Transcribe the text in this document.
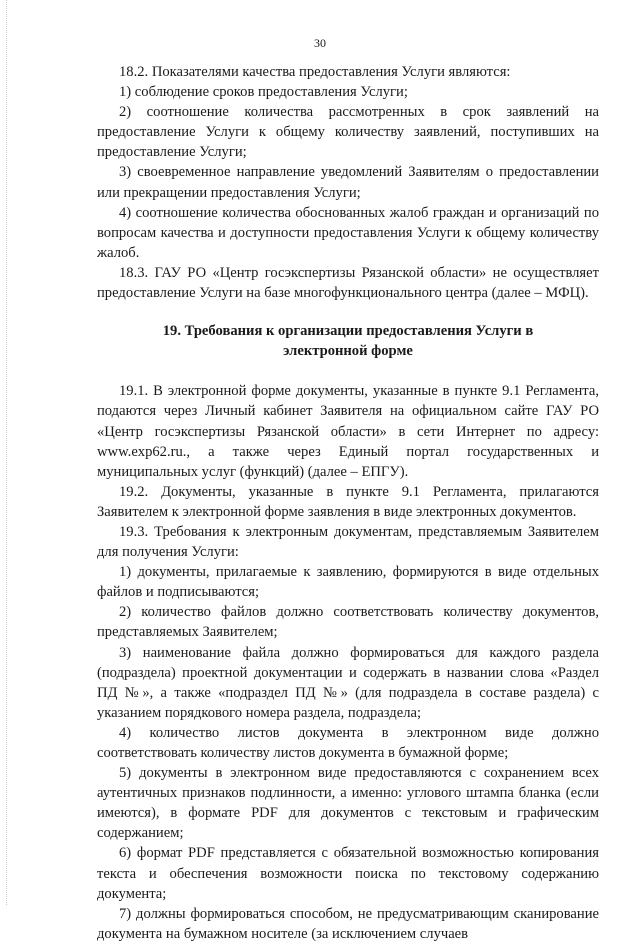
30

18.2. Показателями качества предоставления Услуги являются:

1) соблюдение сроков предоставления Услуги;

2) соотношение количества рассмотренных в срок заявлений на предоставление Услуги к общему количеству заявлений, поступивших на предоставление Услуги;

3) своевременное направление уведомлений Заявителям о предоставлении или прекращении предоставления Услуги;

4) соотношение количества обоснованных жалоб граждан и организаций по вопросам качества и доступности предоставления Услуги к общему количеству жалоб.

18.3. ГАУ РО «Центр госэкспертизы Рязанской области» не осуществляет предоставление Услуги на базе многофункционального центра (далее – МФЦ).

19. Требования к организации предоставления Услуги в
электронной форме

19.1. В электронной форме документы, указанные в пункте 9.1 Регламента, подаются через Личный кабинет Заявителя на официальном сайте ГАУ РО «Центр госэкспертизы Рязанской области» в сети Интернет по адресу: www.exp62.ru., а также через Единый портал государственных и муниципальных услуг (функций) (далее – ЕПГУ).

19.2. Документы, указанные в пункте 9.1 Регламента, прилагаются Заявителем к электронной форме заявления в виде электронных документов.

19.3. Требования к электронным документам, представляемым Заявителем для получения Услуги:

1) документы, прилагаемые к заявлению, формируются в виде отдельных файлов и подписываются;

2) количество файлов должно соответствовать количеству документов, представляемых Заявителем;

3) наименование файла должно формироваться для каждого раздела (подраздела) проектной документации и содержать в названии слова «Раздел ПД №», а также «подраздел ПД №» (для подраздела в составе раздела) с указанием порядкового номера раздела, подраздела;

4) количество листов документа в электронном виде должно соответствовать количеству листов документа в бумажной форме;

5) документы в электронном виде предоставляются с сохранением всех аутентичных признаков подлинности, а именно: углового штампа бланка (если имеются), в формате PDF для документов с текстовым и графическим содержанием;

6) формат PDF представляется с обязательной возможностью копирования текста и обеспечения возможности поиска по текстовому содержанию документа;

7) должны формироваться способом, не предусматривающим сканирование документа на бумажном носителе (за исключением случаев
